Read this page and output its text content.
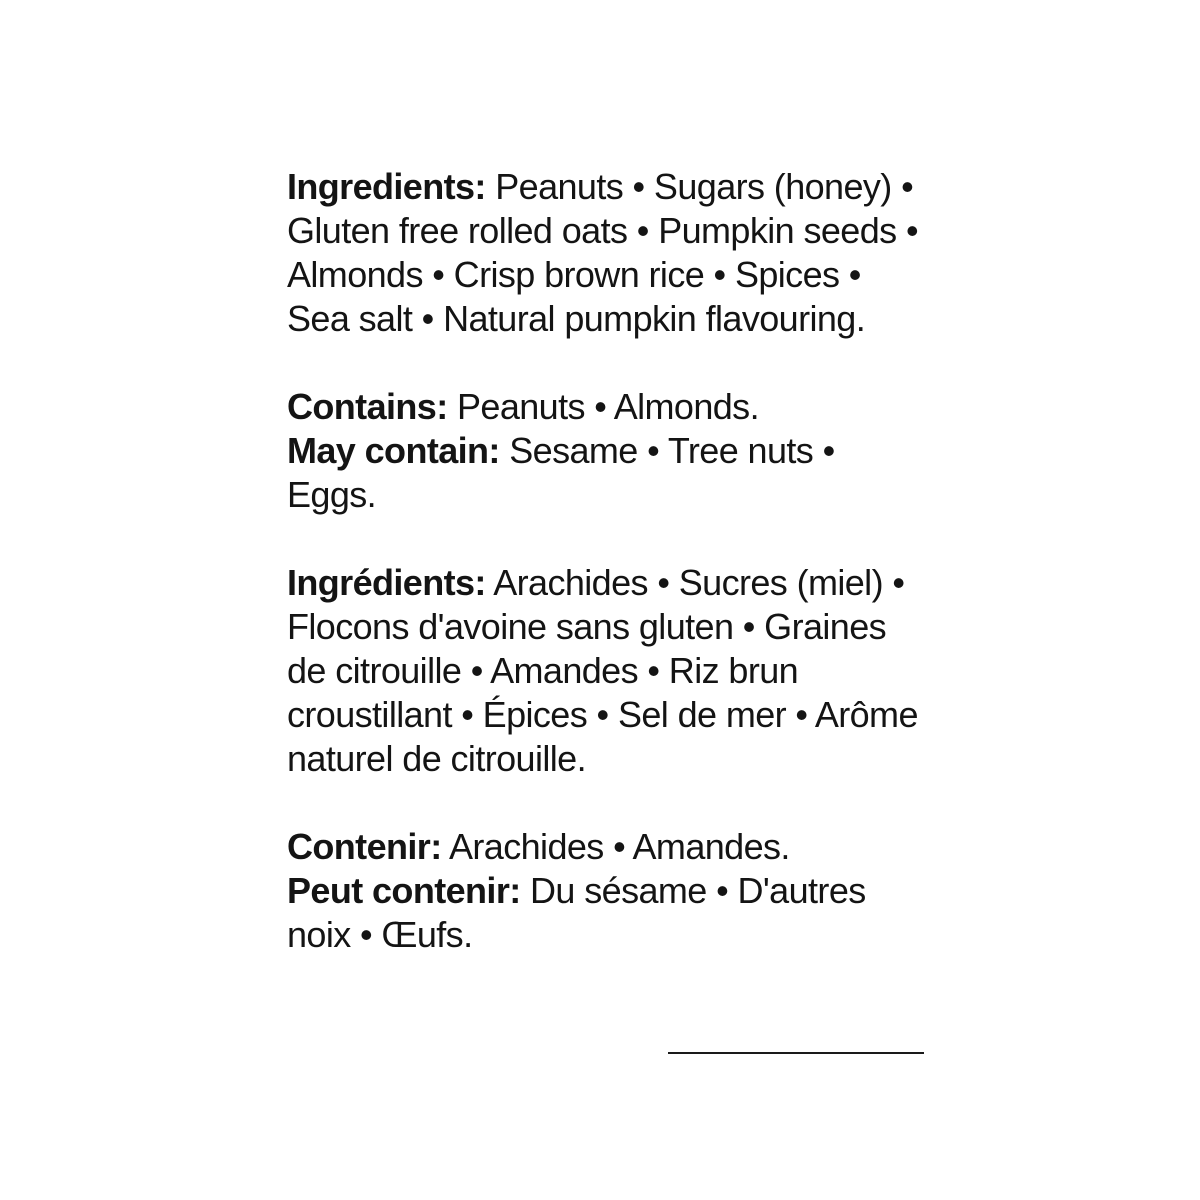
Ingredients: Peanuts • Sugars (honey) • Gluten free rolled oats • Pumpkin seeds • Almonds • Crisp brown rice • Spices • Sea salt • Natural pumpkin flavouring.

Contains: Peanuts • Almonds.

May contain: Sesame • Tree nuts • Eggs.

Ingrédients: Arachides • Sucres (miel) • Flocons d'avoine sans gluten • Graines de citrouille • Amandes • Riz brun croustillant • Épices • Sel de mer • Arôme naturel de citrouille.

Contenir: Arachides • Amandes.

Peut contenir: Du sésame • D'autres noix • Œufs.
